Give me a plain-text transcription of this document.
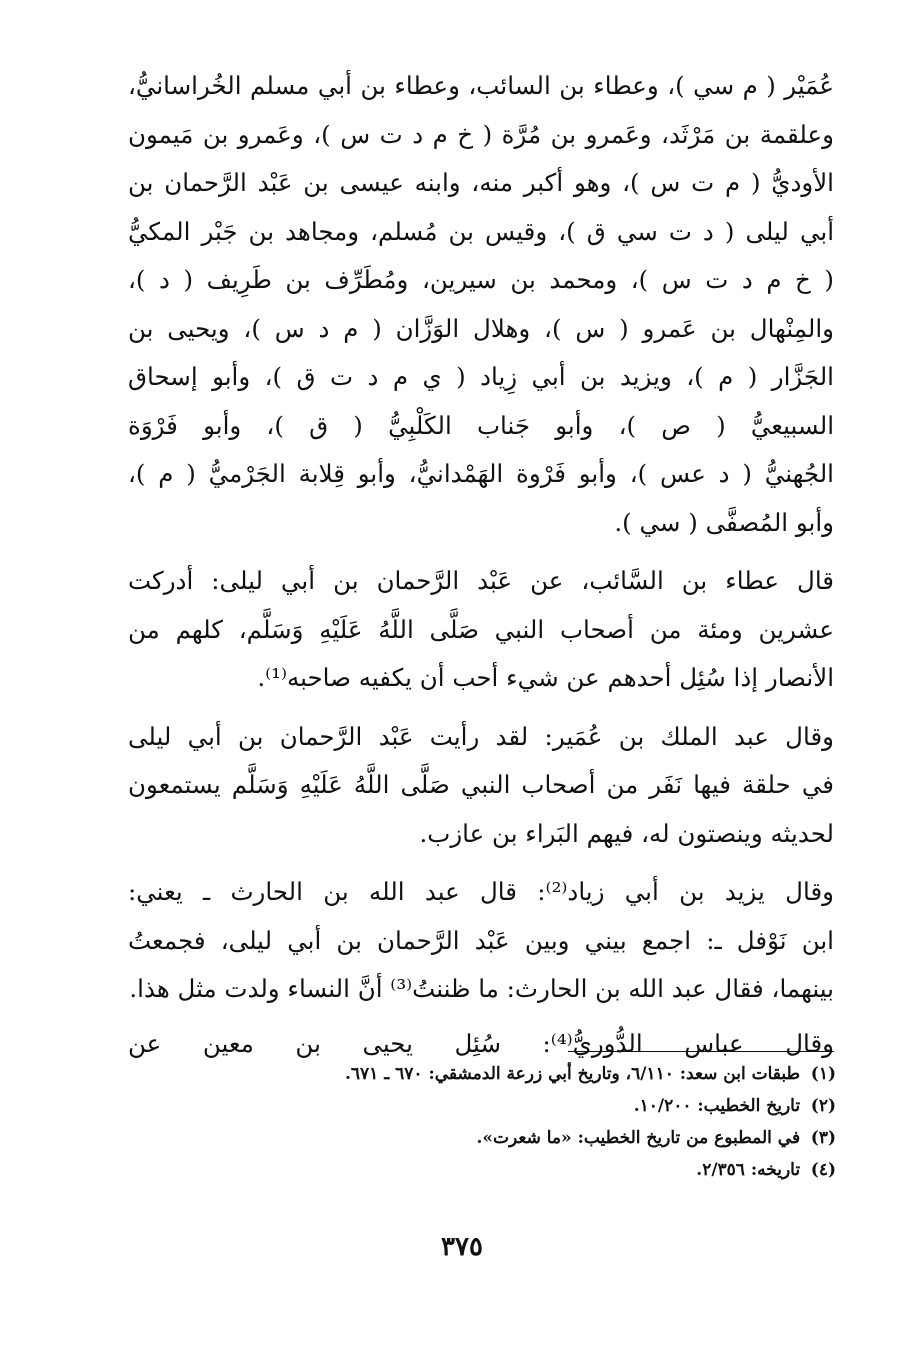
عُمَيْر ( م سي )، وعطاء بن السائب، وعطاء بن أبي مسلم الخُراسانيُّ،
وعلقمة بن مَرْثَد، وعَمرو بن مُرَّة ( خ م د ت س )، وعَمرو بن مَيمون
الأوديُّ ( م ت س )، وهو أكبر منه، وابنه عيسى بن عَبْد الرَّحمان بن
أبي ليلى ( د ت سي ق )، وقيس بن مُسلم، ومجاهد بن جَبْر المكيُّ
( خ م د ت س )، ومحمد بن سيرين، ومُطَرِّف بن طَرِيف ( د )،
والمِنْهال بن عَمرو ( س )، وهلال الوَزَّان ( م د س )، ويحيى بن
الجَزَّار ( م )، ويزيد بن أبي زِياد ( ي م د ت ق )، وأبو إسحاق
السبيعيُّ ( ص )، وأبو جَناب الكَلْبِيُّ ( ق )، وأبو فَرْوَة
الجُهنيُّ ( د عس )، وأبو فَرْوة الهَمْدانيُّ، وأبو قِلابة الجَرْميُّ ( م )،
وأبو المُصفَّى ( سي ).
قال عطاء بن السَّائب، عن عَبْد الرَّحمان بن أبي ليلى: أدركت
عشرين ومئة من أصحاب النبي صَلَّى اللَّهُ عَلَيْهِ وَسَلَّم، كلهم من
الأنصار إذا سُئِل أحدهم عن شيء أحب أن يكفيه صاحبه⁽¹⁾.
وقال عبد الملك بن عُمَير: لقد رأيت عَبْد الرَّحمان بن أبي ليلى
في حلقة فيها نَفَر من أصحاب النبي صَلَّى اللَّهُ عَلَيْهِ وَسَلَّم يستمعون
لحديثه وينصتون له، فيهم البَراء بن عازب.
وقال يزيد بن أبي زياد⁽²⁾: قال عبد الله بن الحارث ـ يعني:
ابن نَوْفل ـ: اجمع بيني وبين عَبْد الرَّحمان بن أبي ليلى، فجمعتُ
بينهما، فقال عبد الله بن الحارث: ما ظننتُ⁽³⁾ أنَّ النساء ولدت مثل هذا.
وقال عباس الدُّوريُّ⁽⁴⁾: سُئِل يحيى بن معين عن
(١) طبقات ابن سعد: ٦/١١٠، وتاريخ أبي زرعة الدمشقي: ٦٧٠ ـ ٦٧١.
(٢) تاريخ الخطيب: ١٠/٢٠٠.
(٣) في المطبوع من تاريخ الخطيب: «ما شعرت».
(٤) تاريخه: ٢/٣٥٦.
٣٧٥
